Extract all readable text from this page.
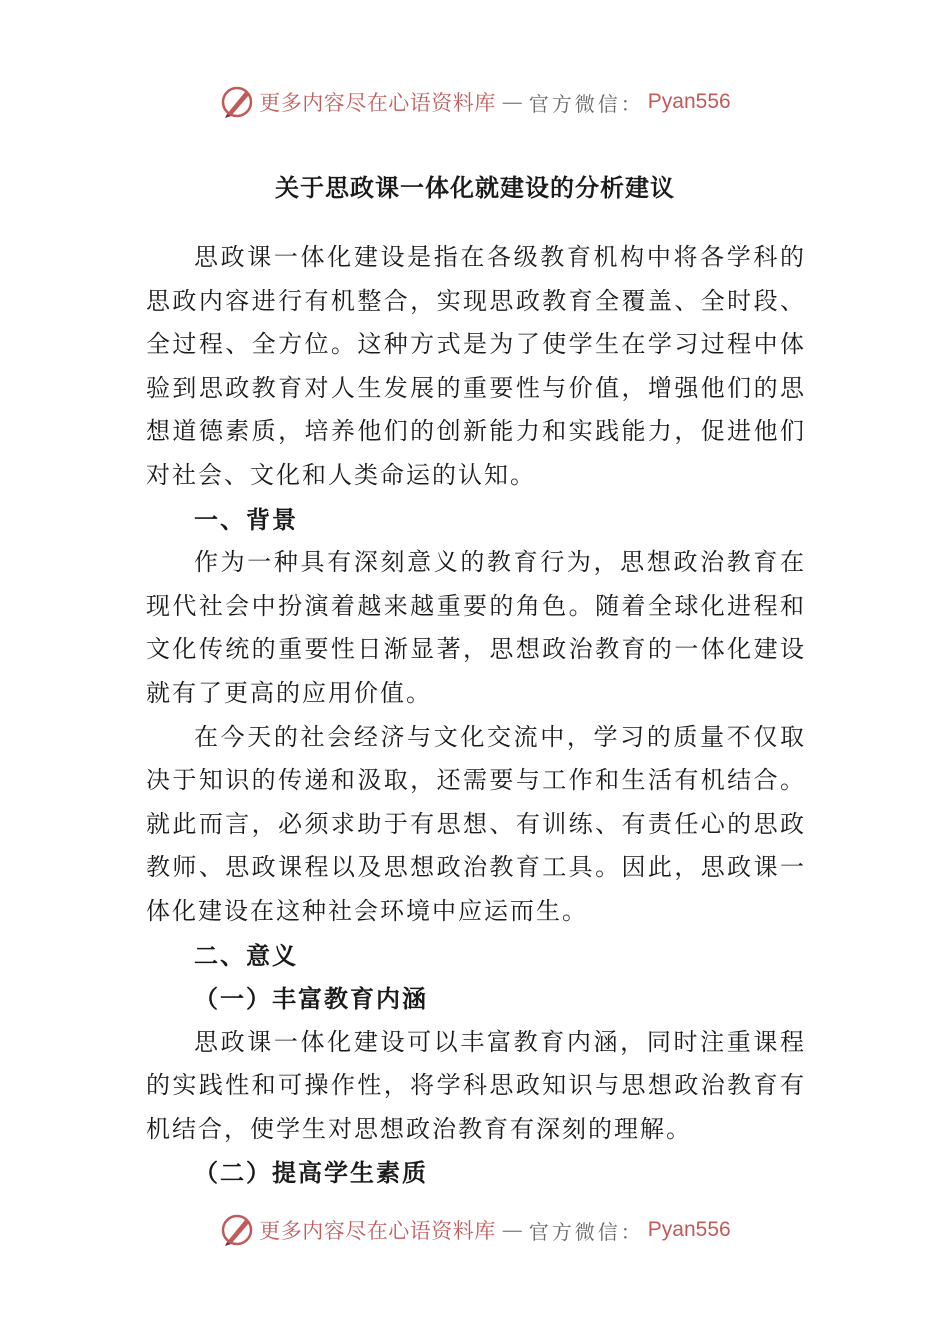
更多内容尽在心语资料库 — 官方微信： Pyan556
关于思政课一体化就建设的分析建议

思政课一体化建设是指在各级教育机构中将各学科的思政内容进行有机整合，实现思政教育全覆盖、全时段、全过程、全方位。这种方式是为了使学生在学习过程中体验到思政教育对人生发展的重要性与价值，增强他们的思想道德素质，培养他们的创新能力和实践能力，促进他们对社会、文化和人类命运的认知。

一、背景

作为一种具有深刻意义的教育行为，思想政治教育在现代社会中扮演着越来越重要的角色。随着全球化进程和文化传统的重要性日渐显著，思想政治教育的一体化建设就有了更高的应用价值。

在今天的社会经济与文化交流中，学习的质量不仅取决于知识的传递和汲取，还需要与工作和生活有机结合。就此而言，必须求助于有思想、有训练、有责任心的思政教师、思政课程以及思想政治教育工具。因此，思政课一体化建设在这种社会环境中应运而生。

二、意义

（一）丰富教育内涵

思政课一体化建设可以丰富教育内涵，同时注重课程的实践性和可操作性，将学科思政知识与思想政治教育有机结合，使学生对思想政治教育有深刻的理解。

（二）提高学生素质

更多内容尽在心语资料库 — 官方微信： Pyan556
